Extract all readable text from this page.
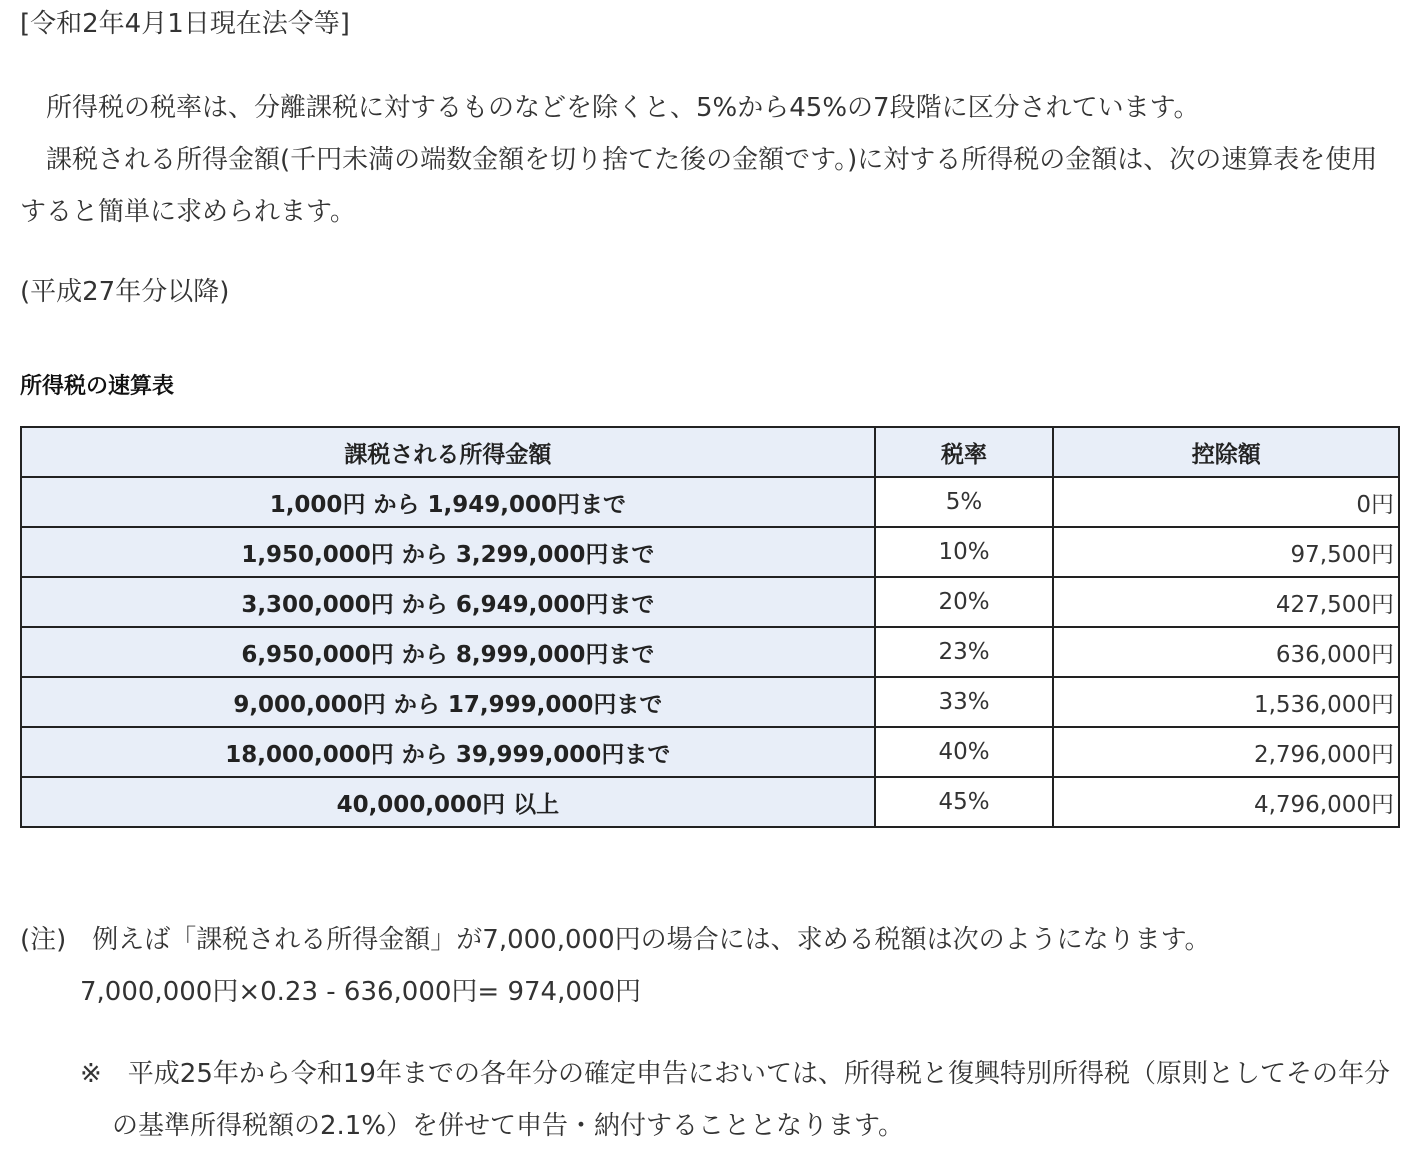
[令和2年4月1日現在法令等]

所得税の税率は、分離課税に対するものなどを除くと、5%から45%の7段階に区分されています。

課税される所得金額(千円未満の端数金額を切り捨てた後の金額です。)に対する所得税の金額は、次の速算表を使用すると簡単に求められます。

(平成27年分以降)
所得税の速算表
課税される所得金額	税率	控除額
1,000円 から 1,949,000円まで	5%	0円
1,950,000円 から 3,299,000円まで	10%	97,500円
3,300,000円 から 6,949,000円まで	20%	427,500円
6,950,000円 から 8,999,000円まで	23%	636,000円
9,000,000円 から 17,999,000円まで	33%	1,536,000円
18,000,000円 から 39,999,000円まで	40%	2,796,000円
40,000,000円 以上	45%	4,796,000円
(注)　例えば「課税される所得金額」が7,000,000円の場合には、求める税額は次のようになります。
7,000,000円×0.23 - 636,000円= 974,000円
※　平成25年から令和19年までの各年分の確定申告においては、所得税と復興特別所得税（原則としてその年分の基準所得税額の2.1%）を併せて申告・納付することとなります。
